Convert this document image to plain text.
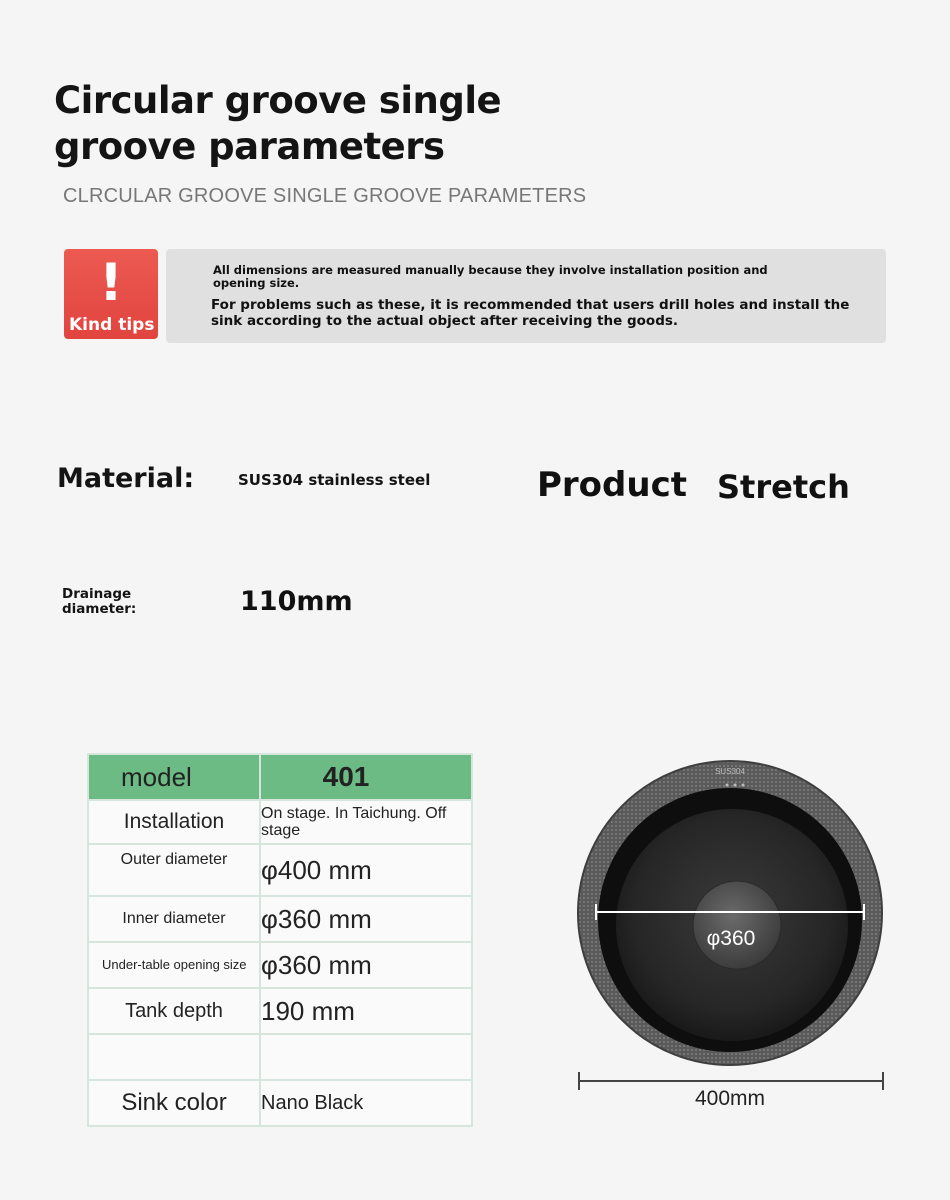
Circular groove single groove parameters
CLRCULAR GROOVE SINGLE GROOVE PARAMETERS
!
Kind tips
All dimensions are measured manually because they involve installation position and opening size.
For problems such as these, it is recommended that users drill holes and install the sink according to the actual object after receiving the goods.
Material:	SUS304 stainless steel	Product Stretch
Drainage diameter:	110mm
model	401
Installation	On stage. In Taichung. Off stage
Outer diameter	φ400 mm
Inner diameter	φ360 mm
Under-table opening size	φ360 mm
Tank depth	190 mm

Sink color	Nano Black
SUS304
φ360
400mm
